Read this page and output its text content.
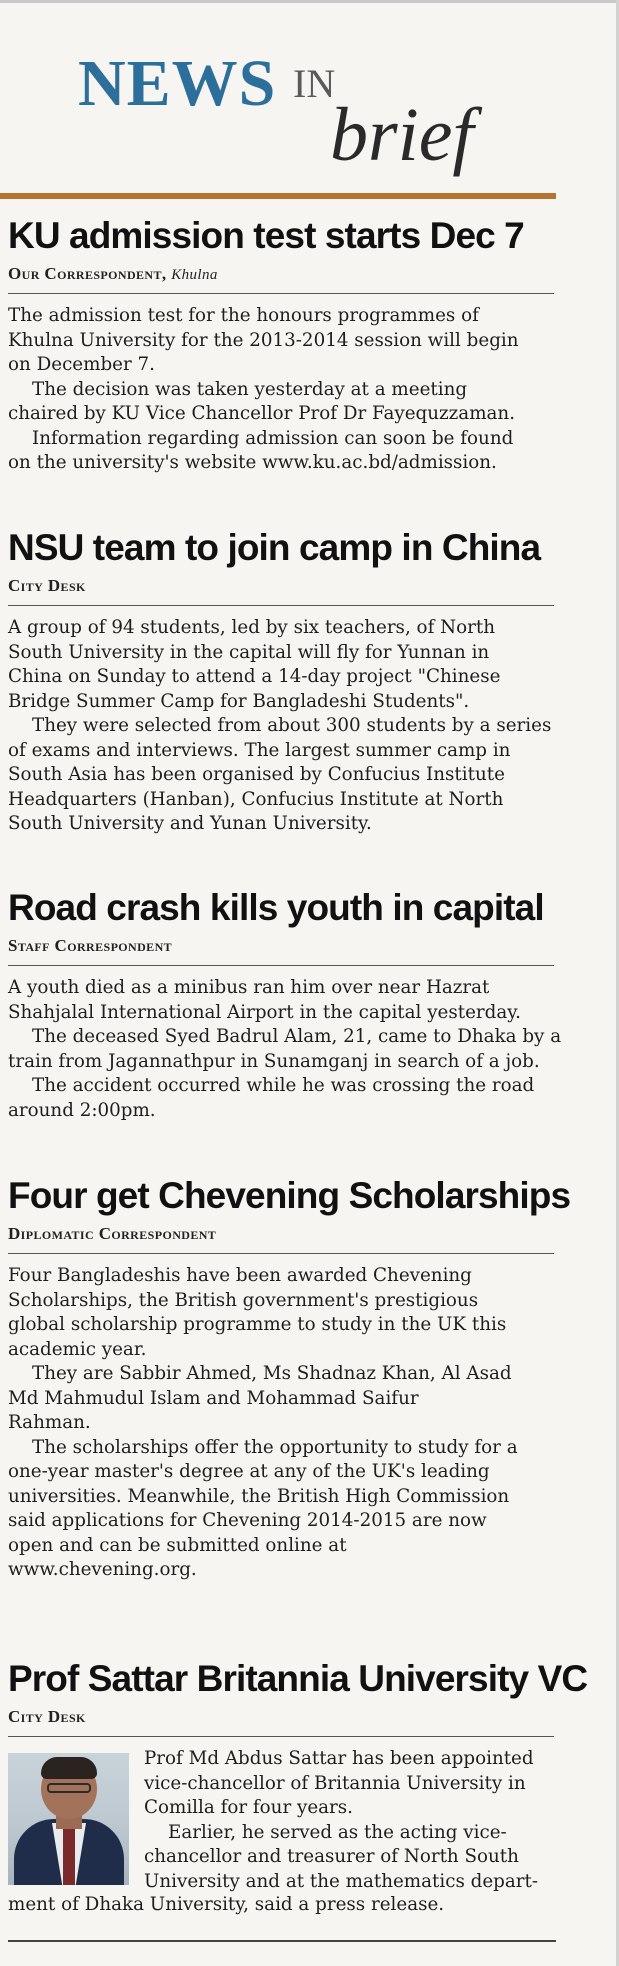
NEWS IN
brief
KU admission test starts Dec 7
Our Correspondent, Khulna

The admission test for the honours programmes of

Khulna University for the 2013-2014 session will begin

on December 7.

The decision was taken yesterday at a meeting

chaired by KU Vice Chancellor Prof Dr Fayequzzaman.

Information regarding admission can soon be found

on the university's website www.ku.ac.bd/admission.

NSU team to join camp in China
City Desk

A group of 94 students, led by six teachers, of North

South University in the capital will fly for Yunnan in

China on Sunday to attend a 14-day project "Chinese

Bridge Summer Camp for Bangladeshi Students".

They were selected from about 300 students by a series

of exams and interviews. The largest summer camp in

South Asia has been organised by Confucius Institute

Headquarters (Hanban), Confucius Institute at North

South University and Yunan University.

Road crash kills youth in capital
Staff Correspondent

A youth died as a minibus ran him over near Hazrat

Shahjalal International Airport in the capital yesterday.

The deceased Syed Badrul Alam, 21, came to Dhaka by a

train from Jagannathpur in Sunamganj in search of a job.

The accident occurred while he was crossing the road

around 2:00pm.

Four get Chevening Scholarships
Diplomatic Correspondent

Four Bangladeshis have been awarded Chevening

Scholarships, the British government's prestigious

global scholarship programme to study in the UK this

academic year.

They are Sabbir Ahmed, Ms Shadnaz Khan, Al Asad

Md Mahmudul Islam and Mohammad Saifur

Rahman.

The scholarships offer the opportunity to study for a

one-year master's degree at any of the UK's leading

universities. Meanwhile, the British High Commission

said applications for Chevening 2014-2015 are now

open and can be submitted online at

www.chevening.org.

Prof Sattar Britannia University VC
City Desk

Prof Md Abdus Sattar has been appointed

vice-chancellor of Britannia University in

Comilla for four years.

Earlier, he served as the acting vice-

chancellor and treasurer of North South

University and at the mathematics depart-

ment of Dhaka University, said a press release.
